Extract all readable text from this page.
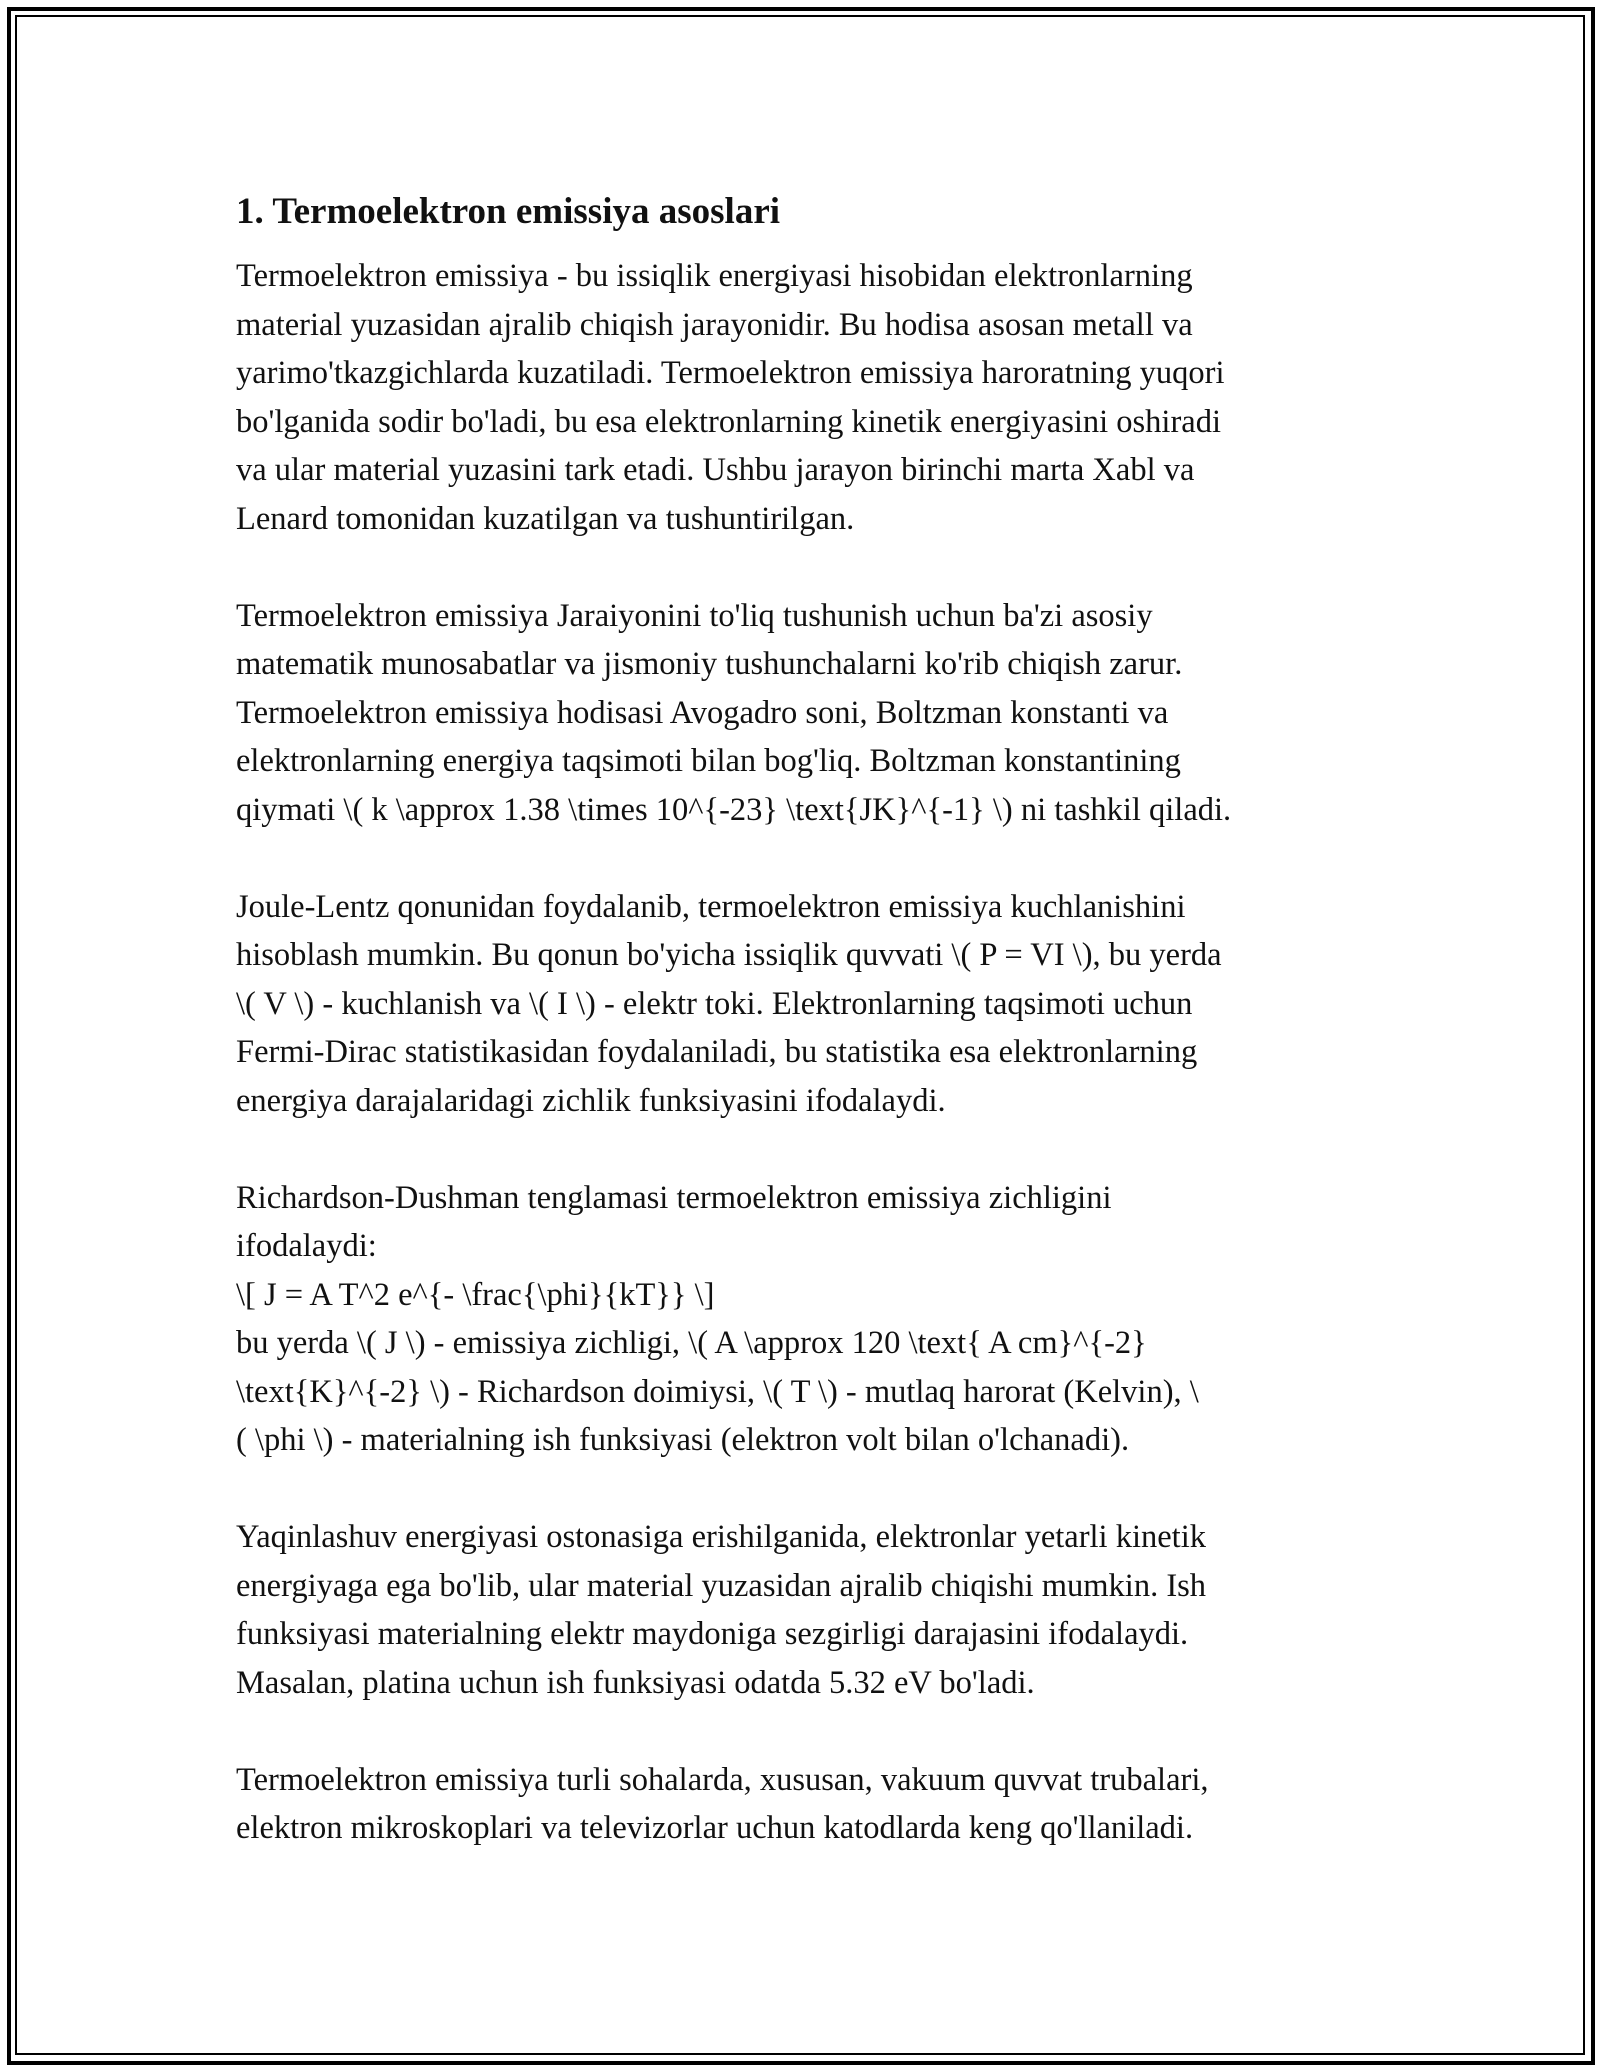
1. Termoelektron emissiya asoslari

Termoelektron emissiya - bu issiqlik energiyasi hisobidan elektronlarning
material yuzasidan ajralib chiqish jarayonidir. Bu hodisa asosan metall va
yarimo'tkazgichlarda kuzatiladi. Termoelektron emissiya haroratning yuqori
bo'lganida sodir bo'ladi, bu esa elektronlarning kinetik energiyasini oshiradi
va ular material yuzasini tark etadi. Ushbu jarayon birinchi marta Xabl va
Lenard tomonidan kuzatilgan va tushuntirilgan.

Termoelektron emissiya Jaraiyonini to'liq tushunish uchun ba'zi asosiy
matematik munosabatlar va jismoniy tushunchalarni ko'rib chiqish zarur.
Termoelektron emissiya hodisasi Avogadro soni, Boltzman konstanti va
elektronlarning energiya taqsimoti bilan bog'liq. Boltzman konstantining
qiymati \( k \approx 1.38 \times 10^{-23} \text{JK}^{-1} \) ni tashkil qiladi.

Joule-Lentz qonunidan foydalanib, termoelektron emissiya kuchlanishini
hisoblash mumkin. Bu qonun bo'yicha issiqlik quvvati \( P = VI \), bu yerda
\( V \) - kuchlanish va \( I \) - elektr toki. Elektronlarning taqsimoti uchun
Fermi-Dirac statistikasidan foydalaniladi, bu statistika esa elektronlarning
energiya darajalaridagi zichlik funksiyasini ifodalaydi.

Richardson-Dushman tenglamasi termoelektron emissiya zichligini
ifodalaydi:
\[ J = A T^2 e^{- \frac{\phi}{kT}} \]
bu yerda \( J \) - emissiya zichligi, \( A \approx 120 \text{ A cm}^{-2}
\text{K}^{-2} \) - Richardson doimiysi, \( T \) - mutlaq harorat (Kelvin), \
( \phi \) - materialning ish funksiyasi (elektron volt bilan o'lchanadi).

Yaqinlashuv energiyasi ostonasiga erishilganida, elektronlar yetarli kinetik
energiyaga ega bo'lib, ular material yuzasidan ajralib chiqishi mumkin. Ish
funksiyasi materialning elektr maydoniga sezgirligi darajasini ifodalaydi.
Masalan, platina uchun ish funksiyasi odatda 5.32 eV bo'ladi.

Termoelektron emissiya turli sohalarda, xususan, vakuum quvvat trubalari,
elektron mikroskoplari va televizorlar uchun katodlarda keng qo'llaniladi.
